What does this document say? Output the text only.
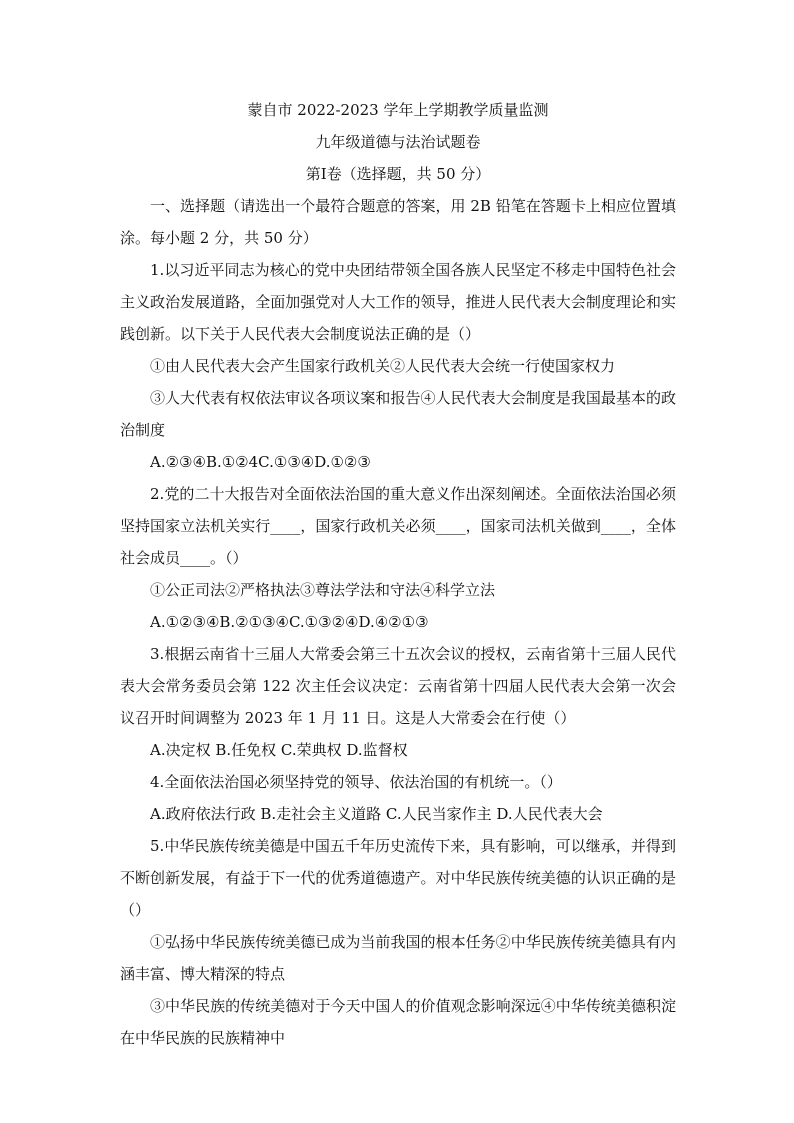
蒙自市 2022-2023 学年上学期教学质量监测

九年级道德与法治试题卷

第Ⅰ卷（选择题，共 50 分）

一、选择题（请选出一个最符合题意的答案，用 2B 铅笔在答题卡上相应位置填涂。每小题 2 分，共 50 分）

1.以习近平同志为核心的党中央团结带领全国各族人民坚定不移走中国特色社会主义政治发展道路，全面加强党对人大工作的领导，推进人民代表大会制度理论和实践创新。以下关于人民代表大会制度说法正确的是（）

①由人民代表大会产生国家行政机关②人民代表大会统一行使国家权力

③人大代表有权依法审议各项议案和报告④人民代表大会制度是我国最基本的政治制度

A.②③④B.①②4C.①③④D.①②③

2.党的二十大报告对全面依法治国的重大意义作出深刻阐述。全面依法治国必须坚持国家立法机关实行____，国家行政机关必须____，国家司法机关做到____，全体社会成员____。（）

①公正司法②严格执法③尊法学法和守法④科学立法

A.①②③④B.②①③④C.①③②④D.④②①③

3.根据云南省十三届人大常委会第三十五次会议的授权，云南省第十三届人民代表大会常务委员会第 122 次主任会议决定：云南省第十四届人民代表大会第一次会议召开时间调整为 2023 年 1 月 11 日。这是人大常委会在行使（）

A.决定权 B.任免权 C.荣典权 D.监督权

4.全面依法治国必须坚持党的领导、依法治国的有机统一。（）

A.政府依法行政 B.走社会主义道路 C.人民当家作主 D.人民代表大会

5.中华民族传统美德是中国五千年历史流传下来，具有影响，可以继承，并得到不断创新发展，有益于下一代的优秀道德遗产。对中华民族传统美德的认识正确的是（）

①弘扬中华民族传统美德已成为当前我国的根本任务②中华民族传统美德具有内涵丰富、博大精深的特点

③中华民族的传统美德对于今天中国人的价值观念影响深远④中华传统美德积淀在中华民族的民族精神中
